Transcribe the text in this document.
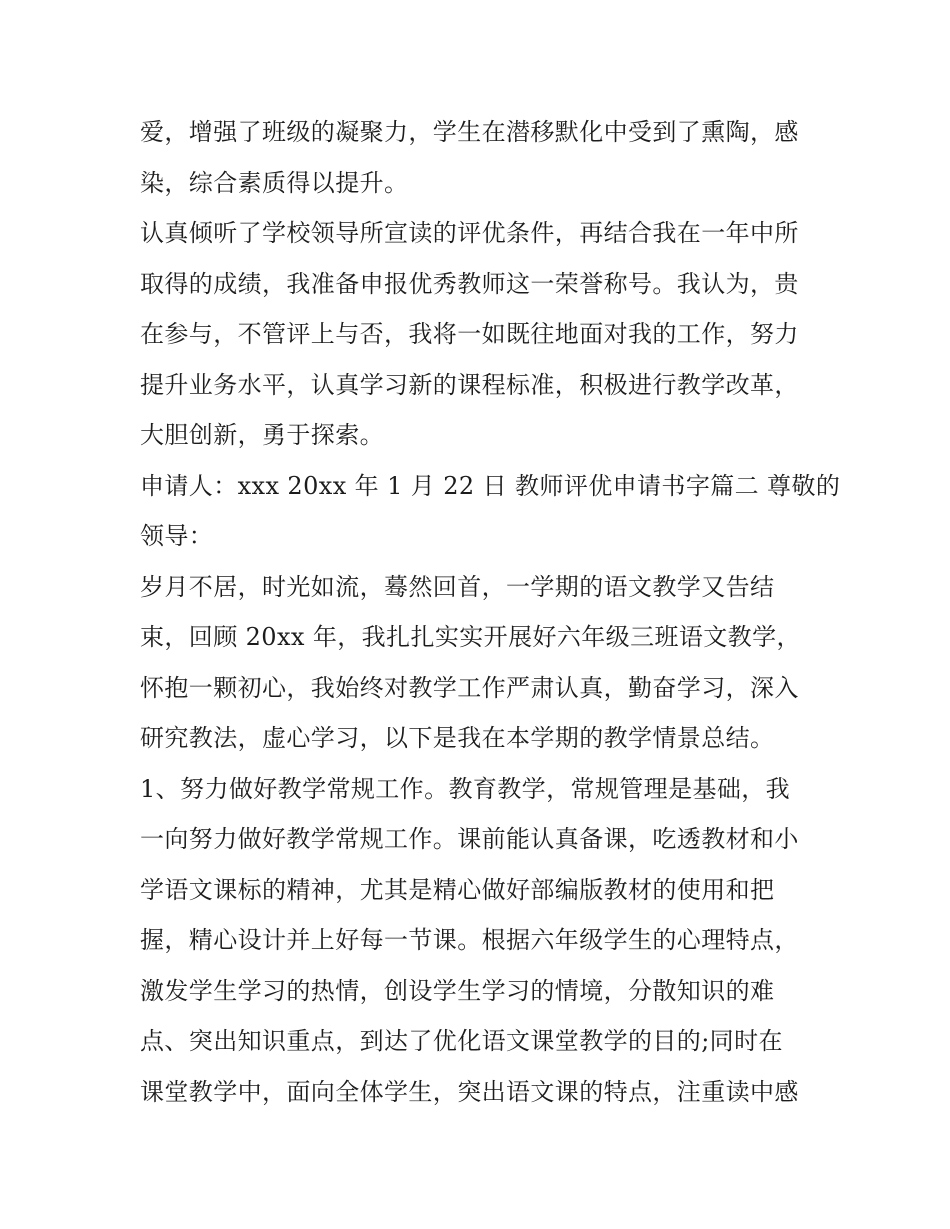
爱，增强了班级的凝聚力，学生在潜移默化中受到了熏陶，感
染，综合素质得以提升。
认真倾听了学校领导所宣读的评优条件，再结合我在一年中所
取得的成绩，我准备申报优秀教师这一荣誉称号。我认为，贵
在参与，不管评上与否，我将一如既往地面对我的工作，努力
提升业务水平，认真学习新的课程标准，积极进行教学改革，
大胆创新，勇于探索。
申请人：xxx 20xx 年 1 月 22 日 教师评优申请书字篇二 尊敬的
领导：
岁月不居，时光如流，蓦然回首，一学期的语文教学又告结
束，回顾 20xx 年，我扎扎实实开展好六年级三班语文教学，
怀抱一颗初心，我始终对教学工作严肃认真，勤奋学习，深入
研究教法，虚心学习，以下是我在本学期的教学情景总结。
1、努力做好教学常规工作。教育教学，常规管理是基础，我
一向努力做好教学常规工作。课前能认真备课，吃透教材和小
学语文课标的精神，尤其是精心做好部编版教材的使用和把
握，精心设计并上好每一节课。根据六年级学生的心理特点，
激发学生学习的热情，创设学生学习的情境，分散知识的难
点、突出知识重点，到达了优化语文课堂教学的目的;同时在
课堂教学中，面向全体学生，突出语文课的特点，注重读中感
